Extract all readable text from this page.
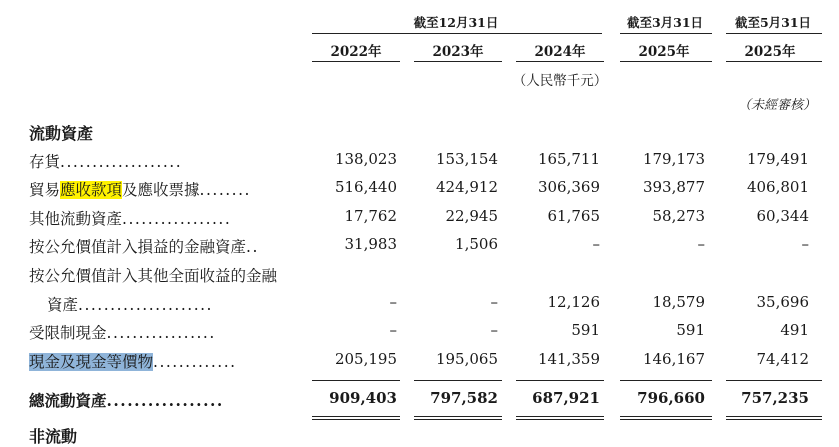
截至12月31日	截至3月31日	截至5月31日
2022年	2023年	2024年	2025年	2025年
（人民幣千元）
（未經審核）
流動資產
存貨...................	138,023	153,154	165,711	179,173	179,491
貿易應收款項及應收票據........	516,440	424,912	306,369	393,877	406,801
其他流動資產.................	17,762	22,945	61,765	58,273	60,344
按公允價值計入損益的金融資產..	31,983	1,506	–	–	–
按公允價值計入其他全面收益的金融
資產.....................	–	–	12,126	18,579	35,696
受限制現金.................	–	–	591	591	491
現金及現金等價物.............	205,195	195,065	141,359	146,167	74,412
總流動資產.................	909,403	797,582	687,921	796,660	757,235
非流動
